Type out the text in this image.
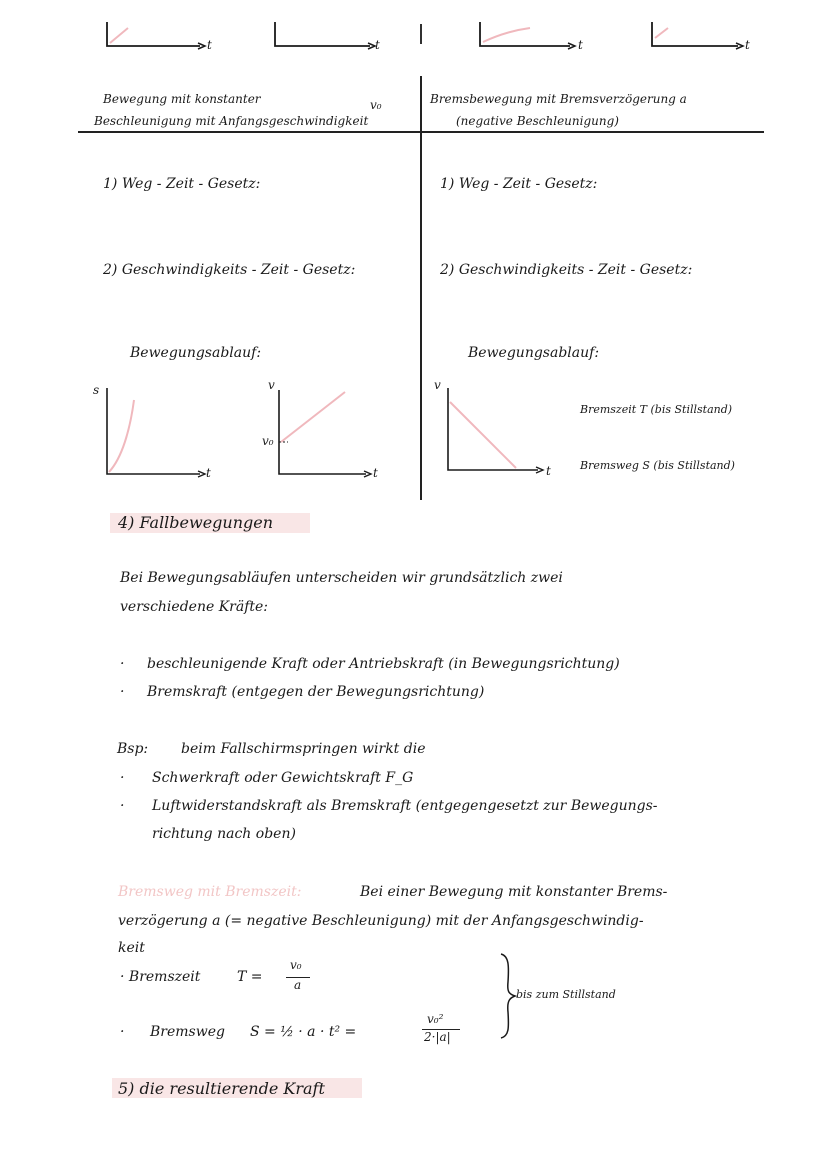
t	t	t	t
Bewegung mit konstanter	v₀
Beschleunigung mit Anfangsgeschwindigkeit
1) Weg - Zeit - Gesetz:
2) Geschwindigkeits - Zeit - Gesetz:
Bewegungsablauf:
s
t
v
v₀
t
Bremsbewegung mit Bremsverzögerung a
(negative Beschleunigung)
1) Weg - Zeit - Gesetz:
2) Geschwindigkeits - Zeit - Gesetz:
Bewegungsablauf:
v
t
Bremszeit T (bis Stillstand)
Bremsweg S (bis Stillstand)
4) Fallbewegungen
Bei Bewegungsabläufen unterscheiden wir grundsätzlich zwei
verschiedene Kräfte:
· beschleunigende Kraft oder Antriebskraft (in Bewegungsrichtung)
· Bremskraft (entgegen der Bewegungsrichtung)
Bsp: beim Fallschirmspringen wirkt die
· Schwerkraft oder Gewichtskraft F_G
· Luftwiderstandskraft als Bremskraft (entgegengesetzt zur Bewegungs-
richtung nach oben)
Bremsweg mit Bremszeit:	Bei einer Bewegung mit konstanter Brems-
verzögerung a (= negative Beschleunigung) mit der Anfangsgeschwindig-
keit
· Bremszeit	T =
v₀
a
· Bremsweg S = ½ · a · t² =
v₀²
2·|a|
bis zum Stillstand
5) die resultierende Kraft
